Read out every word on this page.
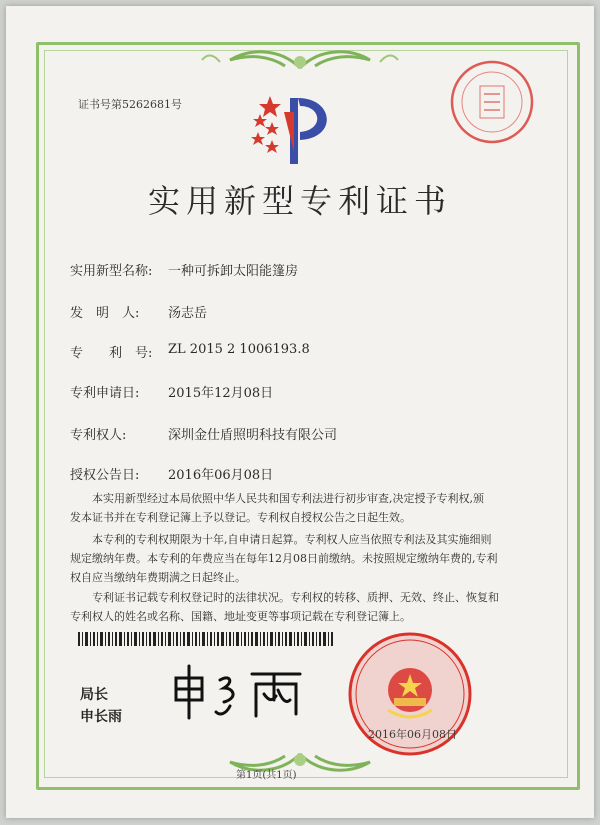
证书号第5262681号
实用新型专利证书
实用新型名称: 一种可拆卸太阳能篷房
发　明　人: 汤志岳
专　　利　号: ZL 2015 2 1006193.8
专利申请日: 2015年12月08日
专利权人:	深圳金仕盾照明科技有限公司
授权公告日: 2016年06月08日
本实用新型经过本局依照中华人民共和国专利法进行初步审查,决定授予专利权,颁
发本证书并在专利登记簿上予以登记。专利权自授权公告之日起生效。
本专利的专利权期限为十年,自申请日起算。专利权人应当依照专利法及其实施细则
规定缴纳年费。本专利的年费应当在每年12月08日前缴纳。未按照规定缴纳年费的,专利
权自应当缴纳年费期满之日起终止。
专利证书记载专利权登记时的法律状况。专利权的转移、质押、无效、终止、恢复和
专利权人的姓名或名称、国籍、地址变更等事项记载在专利登记簿上。
局长
申长雨
2016年06月08日
第1页(共1页)
